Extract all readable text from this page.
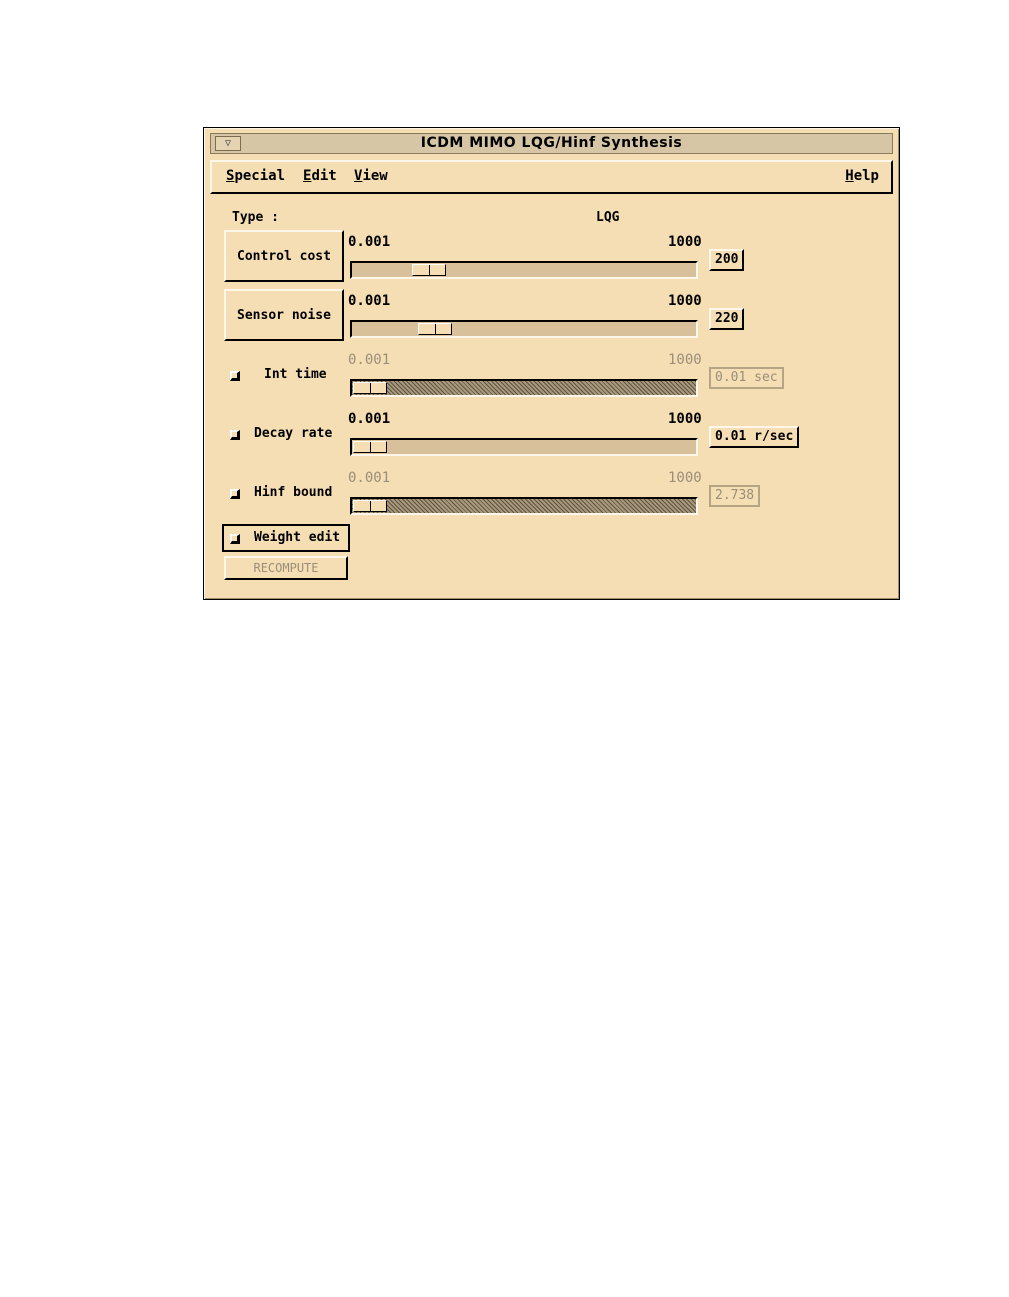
▽	ICDM MIMO LQG/Hinf Synthesis
Special Edit View	Help
Type :	LQG
Control cost
0.001	1000
200
Sensor noise
0.001	1000
220
Int time
0.001	1000
0.01 sec
Decay rate
0.001	1000
0.01 r/sec
Hinf bound
0.001	1000
2.738
Weight edit
RECOMPUTE
